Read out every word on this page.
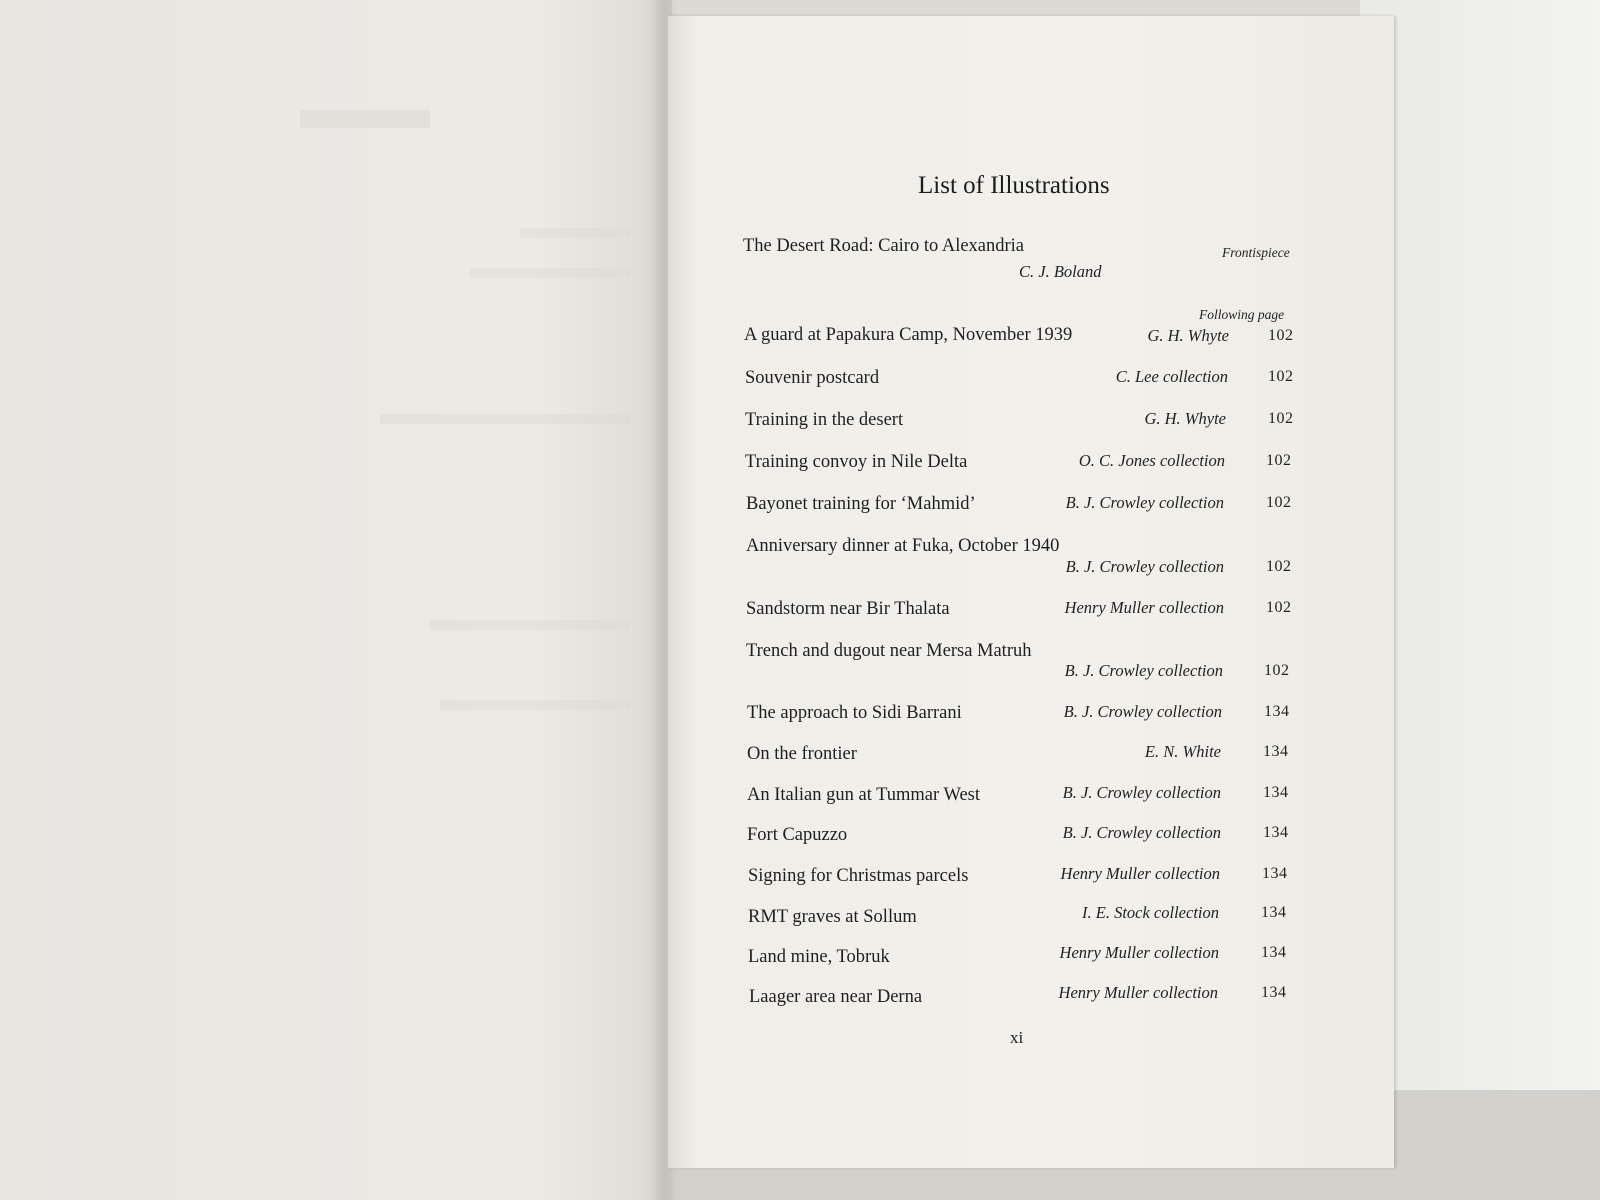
List of Illustrations
The Desert Road: Cairo to Alexandria	Frontispiece
C. J. Boland
Following page
A guard at Papakura Camp, November 1939	G. H. Whyte 102
Souvenir postcard	C. Lee collection	102
Training in the desert	G. H. Whyte	102
Training convoy in Nile Delta	O. C. Jones collection	102
Bayonet training for ‘Mahmid’	B. J. Crowley collection	102
Anniversary dinner at Fuka, October 1940
B. J. Crowley collection	102
Sandstorm near Bir Thalata	Henry Muller collection	102
Trench and dugout near Mersa Matruh
B. J. Crowley collection	102
The approach to Sidi Barrani	B. J. Crowley collection	134
On the frontier	E. N. White	134
An Italian gun at Tummar West	B. J. Crowley collection	134
Fort Capuzzo	B. J. Crowley collection	134
Signing for Christmas parcels	Henry Muller collection	134
RMT graves at Sollum	I. E. Stock collection	134
Land mine, Tobruk	Henry Muller collection	134
Laager area near Derna	Henry Muller collection	134
xi
